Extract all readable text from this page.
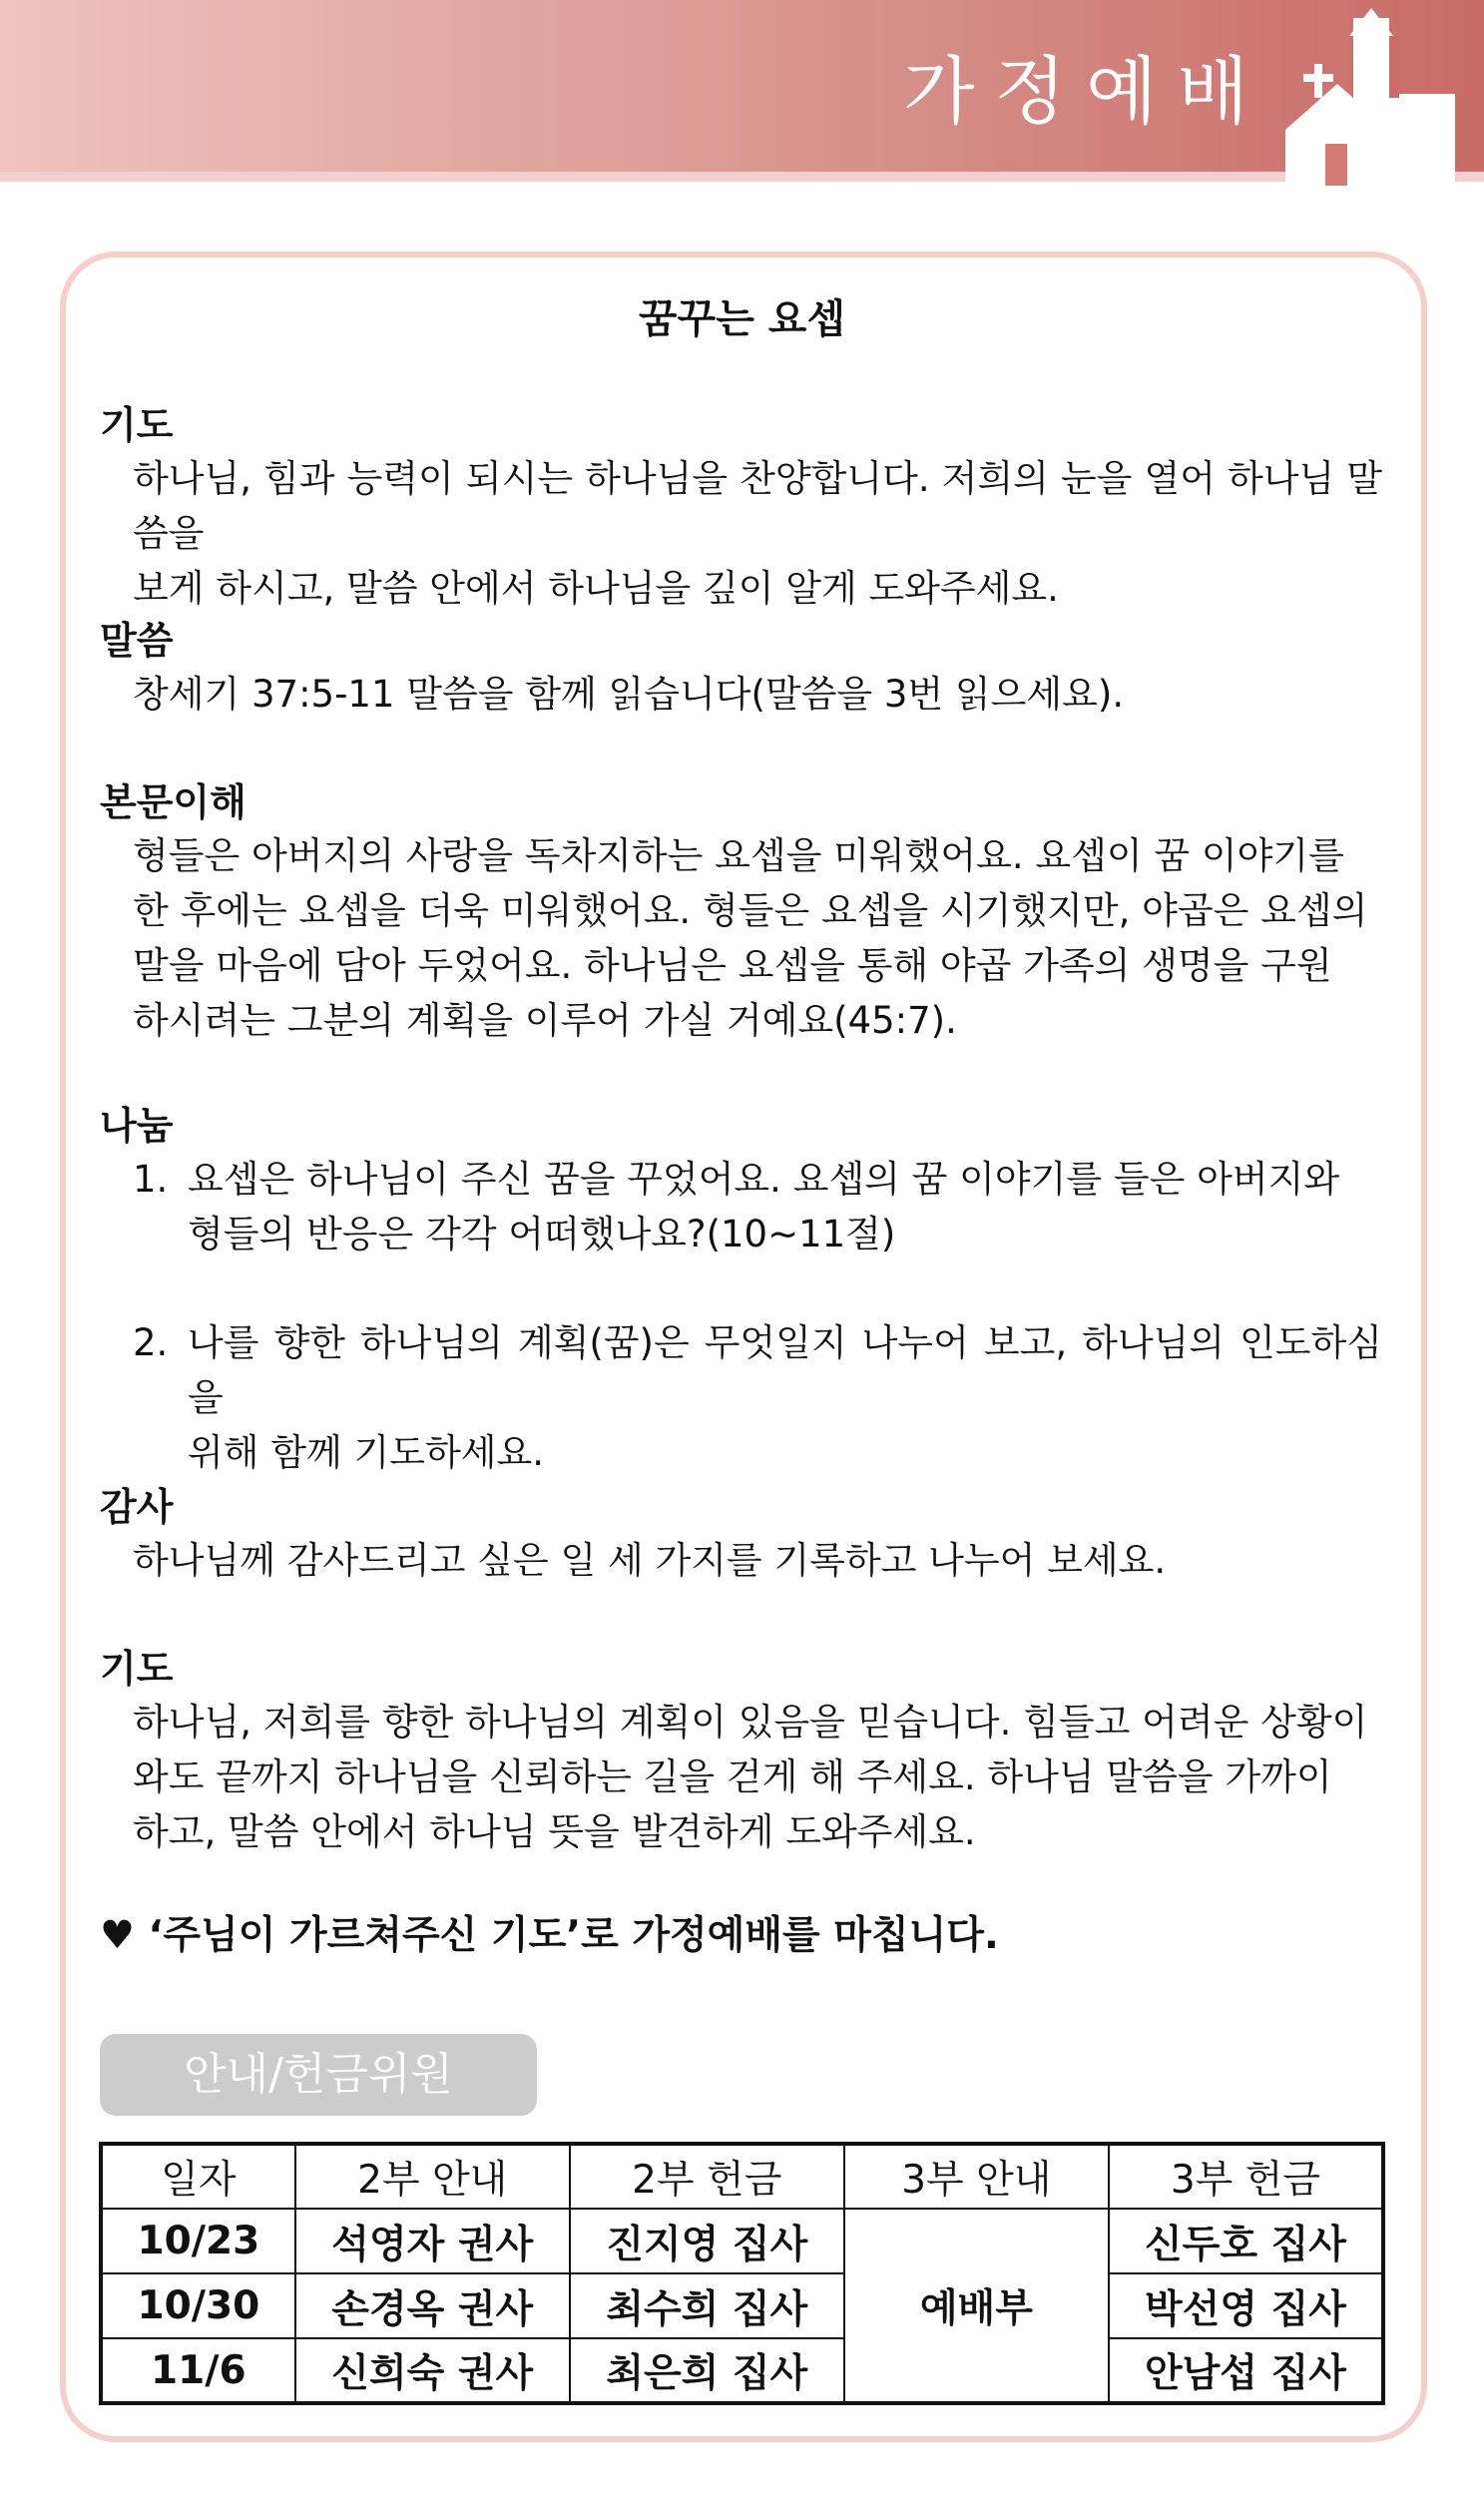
가정예배
꿈꾸는 요셉
기도
하나님, 힘과 능력이 되시는 하나님을 찬양합니다. 저희의 눈을 열어 하나님 말씀을
보게 하시고, 말씀 안에서 하나님을 깊이 알게 도와주세요.
말씀
창세기 37:5-11 말씀을 함께 읽습니다(말씀을 3번 읽으세요).
본문이해
형들은 아버지의 사랑을 독차지하는 요셉을 미워했어요. 요셉이 꿈 이야기를
한 후에는 요셉을 더욱 미워했어요. 형들은 요셉을 시기했지만, 야곱은 요셉의
말을 마음에 담아 두었어요. 하나님은 요셉을 통해 야곱 가족의 생명을 구원
하시려는 그분의 계획을 이루어 가실 거예요(45:7).
나눔
1. 요셉은 하나님이 주신 꿈을 꾸었어요. 요셉의 꿈 이야기를 들은 아버지와
형들의 반응은 각각 어떠했나요?(10~11절)
2. 나를 향한 하나님의 계획(꿈)은 무엇일지 나누어 보고, 하나님의 인도하심을
위해 함께 기도하세요.
감사
하나님께 감사드리고 싶은 일 세 가지를 기록하고 나누어 보세요.
기도
하나님, 저희를 향한 하나님의 계획이 있음을 믿습니다. 힘들고 어려운 상황이
와도 끝까지 하나님을 신뢰하는 길을 걷게 해 주세요. 하나님 말씀을 가까이
하고, 말씀 안에서 하나님 뜻을 발견하게 도와주세요.
♥ ‘주님이 가르쳐주신 기도’로 가정예배를 마칩니다.
안내/헌금위원
일자	2부 안내	2부 헌금	3부 안내	3부 헌금
10/23	석영자 권사	진지영 집사	예배부	신두호 집사
10/30	손경옥 권사	최수희 집사		박선영 집사
11/6	신희숙 권사	최은희 집사		안남섭 집사
